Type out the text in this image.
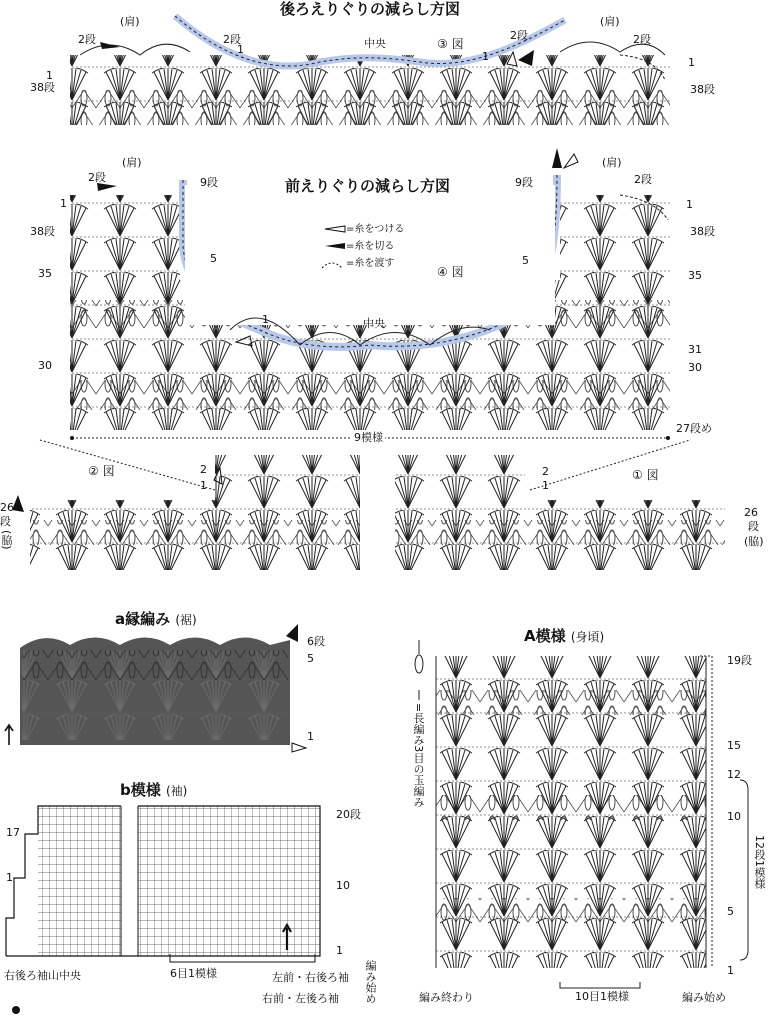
後ろえりぐりの減らし方図
③ 図
中央
(肩)	(肩)
2段	2段	2段	2段
1
1
1	1
38段	38段
前えりぐりの減らし方図
(肩)	(肩)
2段	2段
9段	9段
1	1
38段	38段
5	5
35	35
④ 図
1	中央
31
30	30
27段め
9模様
=糸をつける
=糸を切る
=糸を渡す
② 図	2
1
26
段
(脇)
① 図
2
1
26
段
(脇)
a縁編み (裾)
6段
5
1
b模様 (袖)
20段
17
10
1
1
右後ろ袖山中央	6目1模様	左前・右後ろ袖
右前・左後ろ袖 編み始め
A模様 (身頃)
19段
15
12
10
5
1
12段1模様
10目1模様
編み終わり	編み始め
=長編み3目の玉編み
